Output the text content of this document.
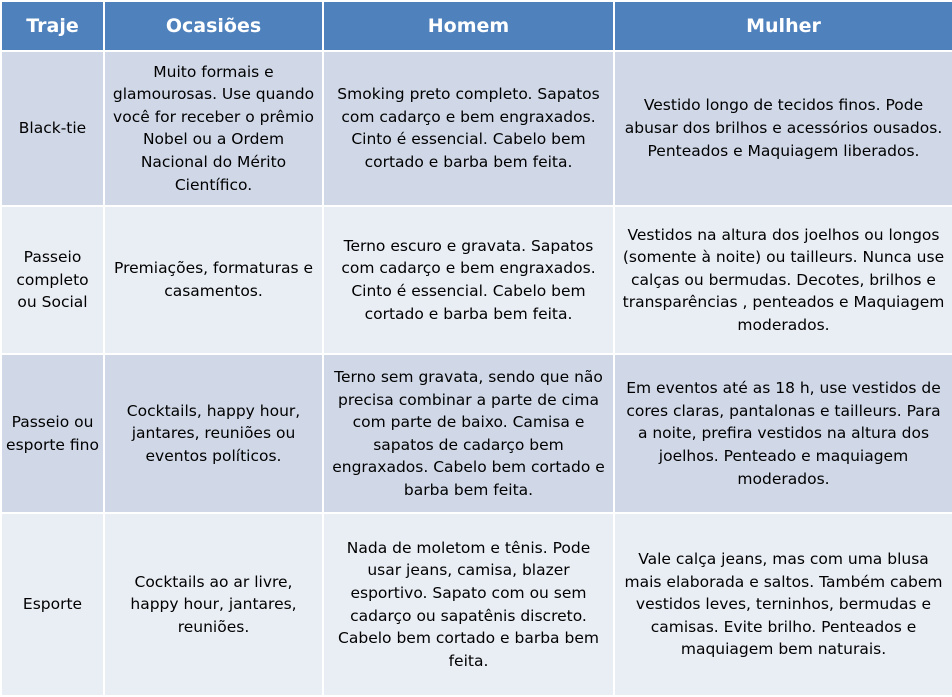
Traje	Ocasiões	Homem	Mulher
Black-tie	Muito formais e glamourosas. Use quando você for receber o prêmio Nobel ou a Ordem Nacional do Mérito Científico.	Smoking preto completo. Sapatos com cadarço e bem engraxados. Cinto é essencial. Cabelo bem cortado e barba bem feita.	Vestido longo de tecidos finos. Pode abusar dos brilhos e acessórios ousados. Penteados e Maquiagem liberados.
Passeio completo ou Social	Premiações, formaturas e casamentos.	Terno escuro e gravata. Sapatos com cadarço e bem engraxados. Cinto é essencial. Cabelo bem cortado e barba bem feita.	Vestidos na altura dos joelhos ou longos (somente à noite) ou tailleurs. Nunca use calças ou bermudas. Decotes, brilhos e transparências , penteados e Maquiagem moderados.
Passeio ou esporte fino	Cocktails, happy hour, jantares, reuniões ou eventos políticos.	Terno sem gravata, sendo que não precisa combinar a parte de cima com parte de baixo. Camisa e sapatos de cadarço bem engraxados. Cabelo bem cortado e barba bem feita.	Em eventos até as 18 h, use vestidos de cores claras, pantalonas e tailleurs. Para a noite, prefira vestidos na altura dos joelhos. Penteado e maquiagem moderados.
Esporte	Cocktails ao ar livre, happy hour, jantares, reuniões.	Nada de moletom e tênis. Pode usar jeans, camisa, blazer esportivo. Sapato com ou sem cadarço ou sapatênis discreto. Cabelo bem cortado e barba bem feita.	Vale calça jeans, mas com uma blusa mais elaborada e saltos. Também cabem vestidos leves, terninhos, bermudas e camisas. Evite brilho. Penteados e maquiagem bem naturais.
